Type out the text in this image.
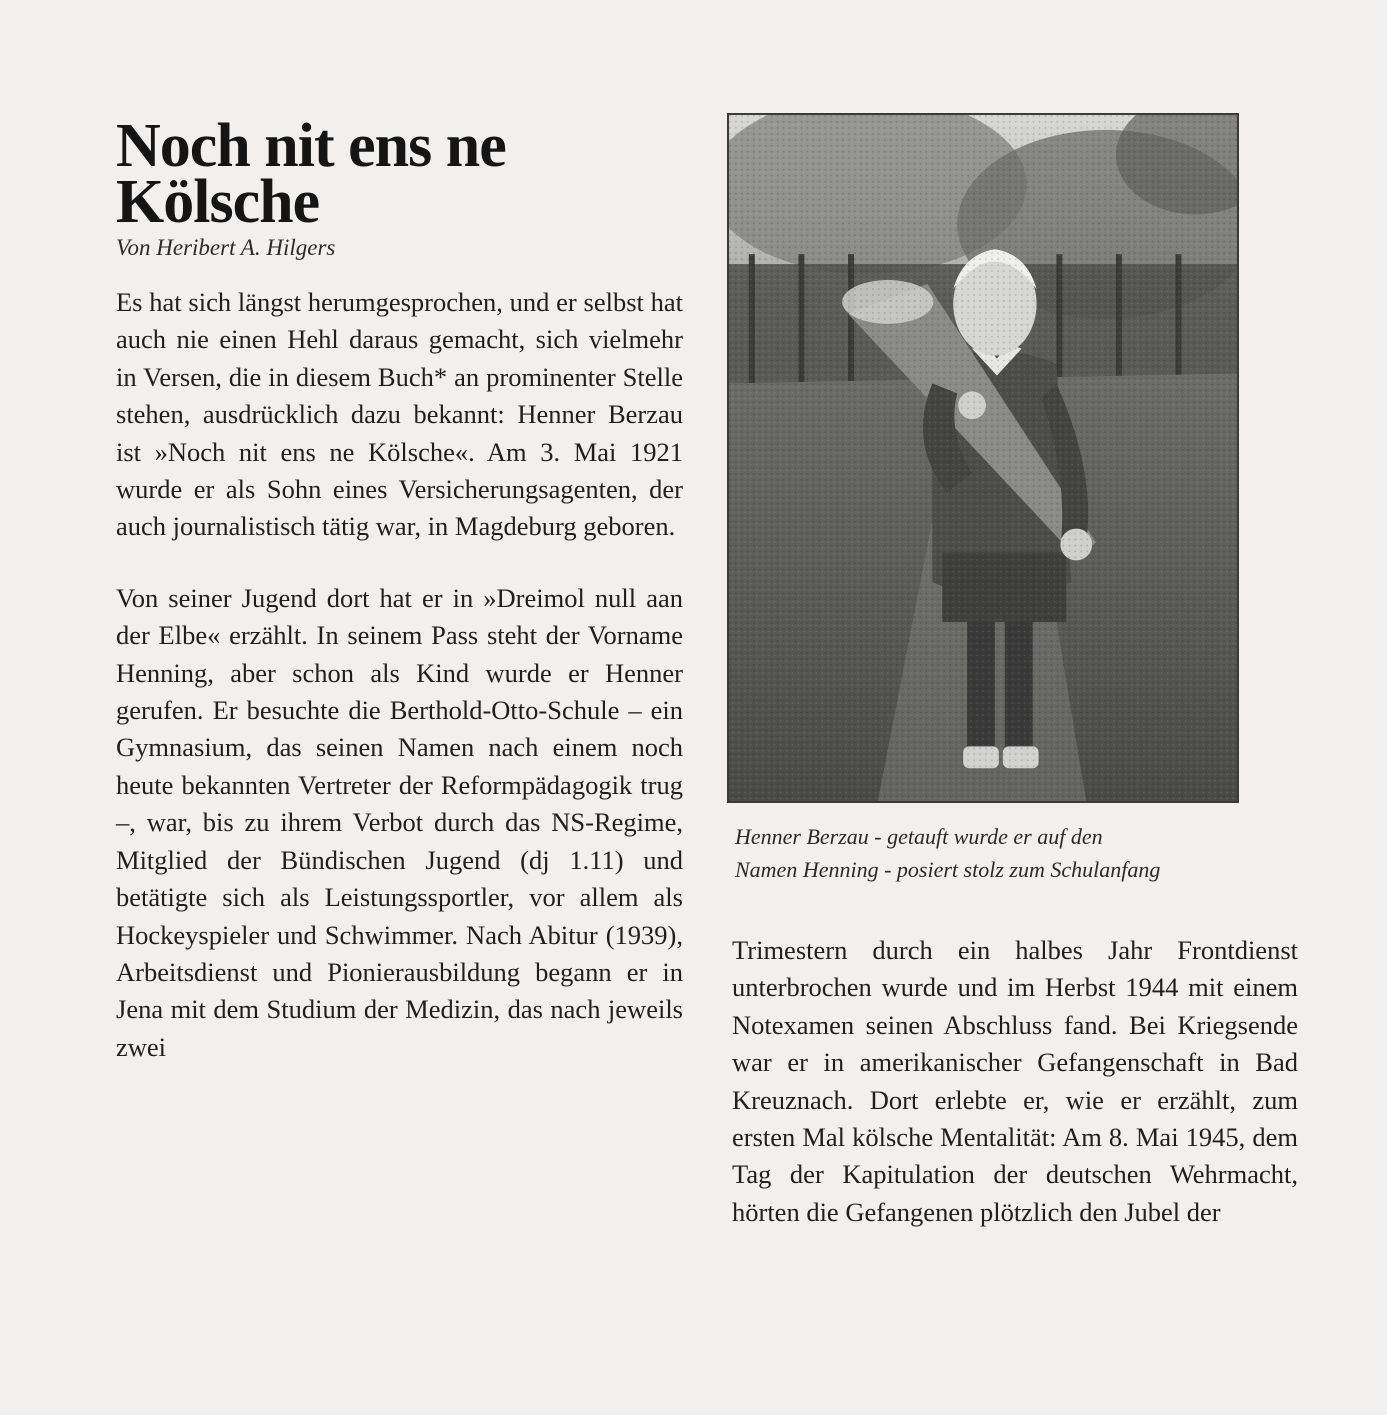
Noch nit ens ne Kölsche

Von Heribert A. Hilgers

Es hat sich längst herumgesprochen, und er selbst hat auch nie einen Hehl daraus gemacht, sich vielmehr in Versen, die in diesem Buch* an prominenter Stelle stehen, ausdrücklich dazu bekannt: Henner Berzau ist »Noch nit ens ne Kölsche«. Am 3. Mai 1921 wurde er als Sohn eines Versicherungsagenten, der auch journalistisch tätig war, in Magdeburg geboren.

Von seiner Jugend dort hat er in »Dreimol null aan der Elbe« erzählt. In seinem Pass steht der Vorname Henning, aber schon als Kind wurde er Henner gerufen. Er besuchte die Berthold-Otto-Schule – ein Gymnasium, das seinen Namen nach einem noch heute bekannten Vertreter der Reformpädagogik trug –, war, bis zu ihrem Verbot durch das NS-Regime, Mitglied der Bündischen Jugend (dj 1.11) und betätigte sich als Leistungssportler, vor allem als Hockeyspieler und Schwimmer. Nach Abitur (1939), Arbeitsdienst und Pionierausbildung begann er in Jena mit dem Studium der Medizin, das nach jeweils zwei

Henner Berzau - getauft wurde er auf den
Namen Henning - posiert stolz zum Schulanfang

Trimestern durch ein halbes Jahr Frontdienst unterbrochen wurde und im Herbst 1944 mit einem Notexamen seinen Abschluss fand. Bei Kriegsende war er in amerikanischer Gefangenschaft in Bad Kreuznach. Dort erlebte er, wie er erzählt, zum ersten Mal kölsche Mentalität: Am 8. Mai 1945, dem Tag der Kapitulation der deutschen Wehrmacht, hörten die Gefangenen plötzlich den Jubel der
